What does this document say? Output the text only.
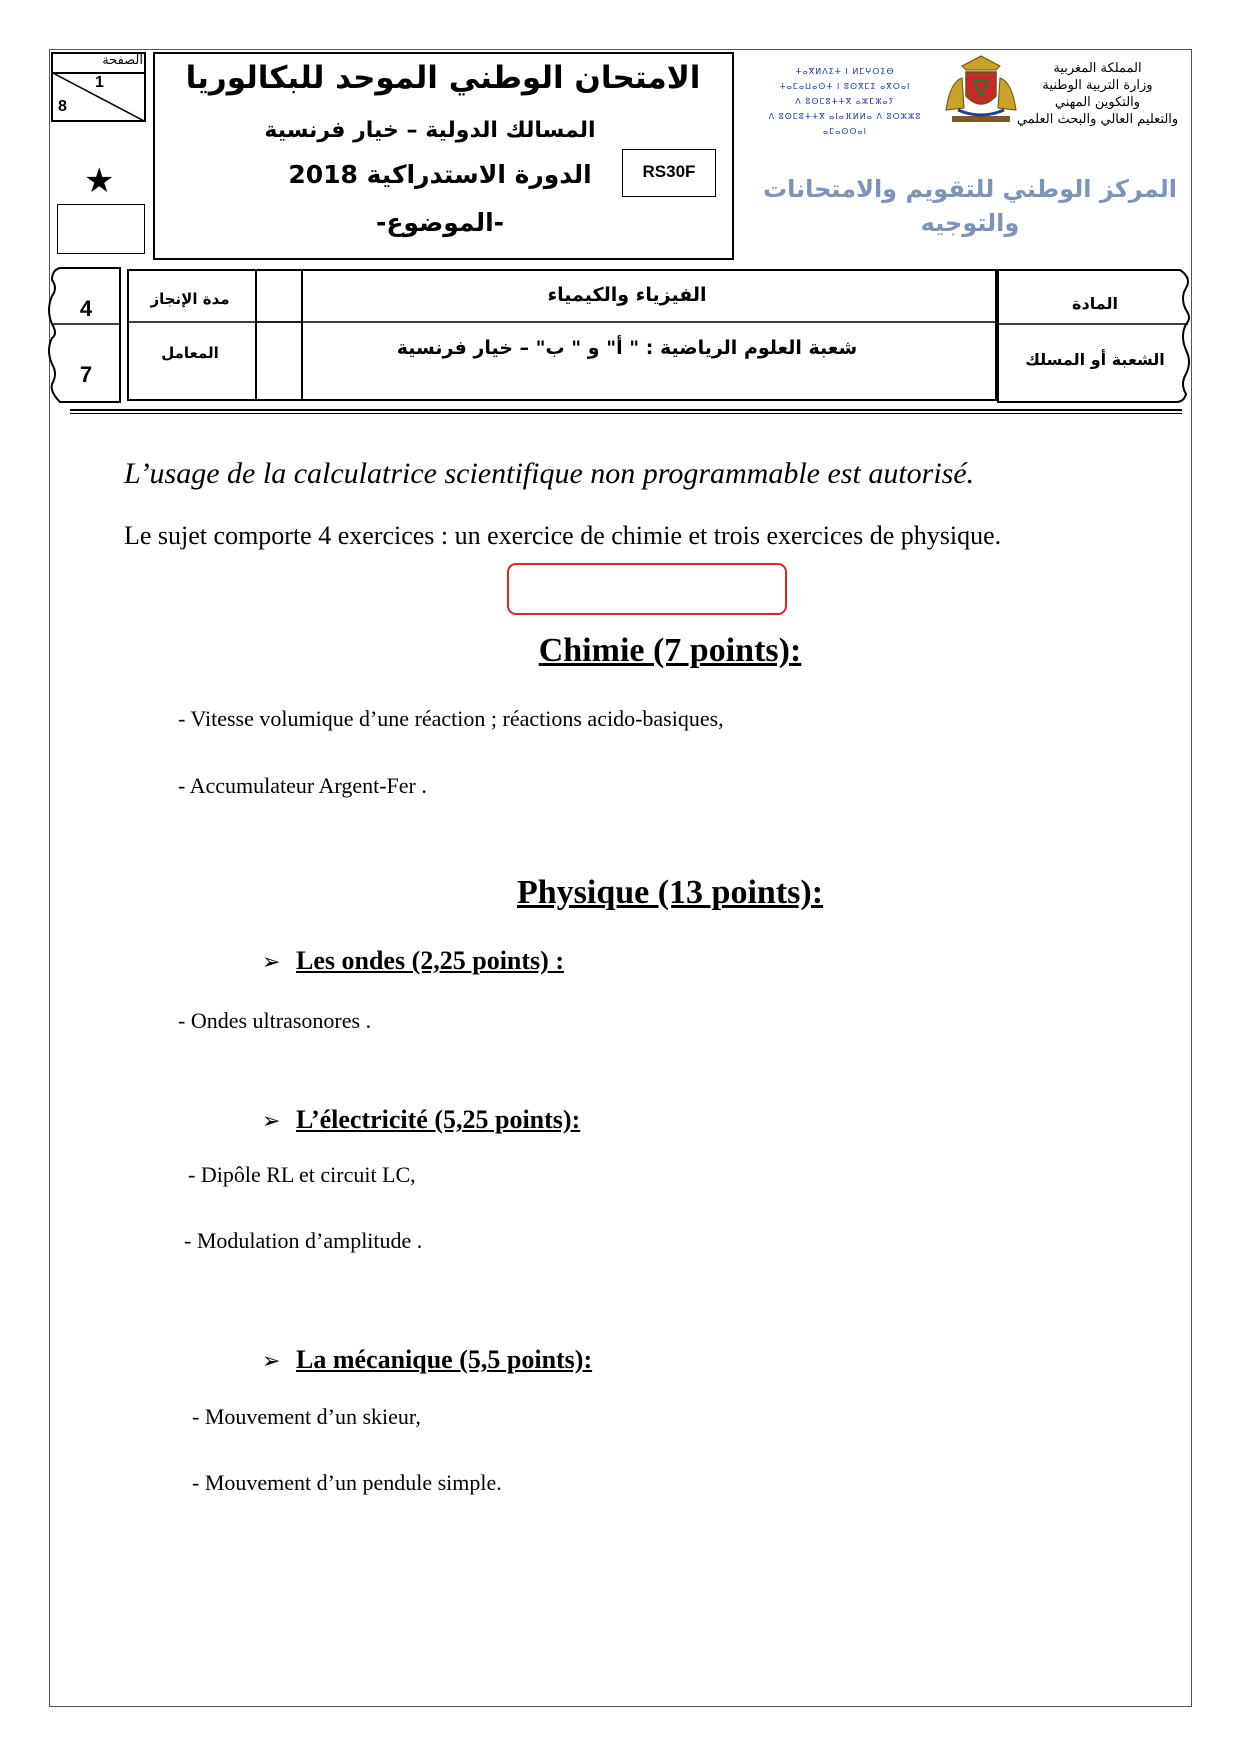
الصفحة
1
8
★
الامتحان الوطني الموحد للبكالوريا
المسالك الدولية – خيار فرنسية
الدورة الاستدراكية 2018
-الموضوع-
RS30F
ⵜⴰⴳⵍⴷⵉⵜ ⵏ ⵍⵎⵖⵔⵉⴱ
ⵜⴰⵎⴰⵡⴰⵙⵜ ⵏ ⵓⵙⴳⵎⵉ ⴰⴳⵔⴰⵏ
ⴷ ⵓⵙⵎⵓⵜⵜⴳ ⴰⵣⵎⵣⴰⵢ
ⴷ ⵓⵙⵎⵓⵜⵜⴳ ⴰⵏⴰⴼⵍⵍⴰ ⴷ ⵓⵔⵣⵣⵓ ⴰⵎⴰⵙⵙⴰⵏ
المملكة المغربية
وزارة التربية الوطنية
والتكوين المهني
والتعليم العالي والبحث العلمي
المركز الوطني للتقويم والامتحانات
والتوجيه
4
7
مدة الإنجاز
المعامل
الفيزياء والكيمياء
شعبة العلوم الرياضية : " أ" و " ب" – خيار فرنسية
المادة
الشعبة أو المسلك
L’usage de la calculatrice scientifique non programmable est autorisé.
Le sujet comporte 4 exercices : un exercice de chimie et trois exercices de physique.
Chimie (7 points):
- Vitesse volumique d’une réaction ; réactions acido-basiques,
- Accumulateur Argent-Fer .
Physique (13 points):
➢ Les ondes (2,25 points) :
- Ondes ultrasonores .
➢ L’électricité (5,25 points):
- Dipôle RL et circuit LC,
- Modulation d’amplitude .
➢ La mécanique (5,5 points):
- Mouvement d’un skieur,
- Mouvement d’un pendule simple.
